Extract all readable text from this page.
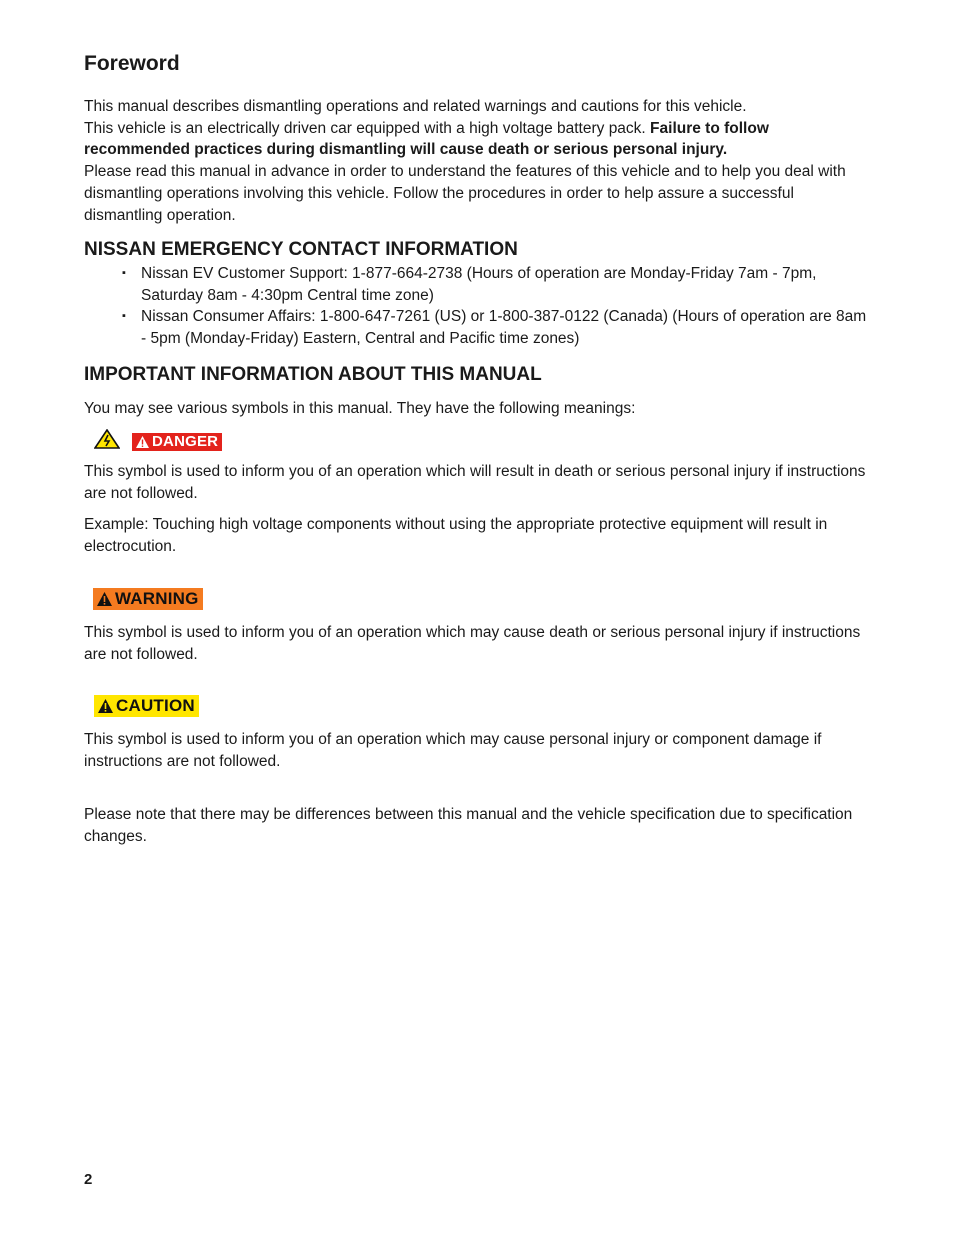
Foreword

This manual describes dismantling operations and related warnings and cautions for this vehicle.

This vehicle is an electrically driven car equipped with a high voltage battery pack. Failure to follow recommended practices during dismantling will cause death or serious personal injury.

Please read this manual in advance in order to understand the features of this vehicle and to help you deal with dismantling operations involving this vehicle. Follow the procedures in order to help assure a successful dismantling operation.

NISSAN EMERGENCY CONTACT INFORMATION
▪ Nissan EV Customer Support: 1-877-664-2738 (Hours of operation are Monday-Friday 7am - 7pm, Saturday 8am - 4:30pm Central time zone)
▪ Nissan Consumer Affairs: 1-800-647-7261 (US) or 1-800-387-0122 (Canada) (Hours of operation are 8am - 5pm (Monday-Friday) Eastern, Central and Pacific time zones)
IMPORTANT INFORMATION ABOUT THIS MANUAL

You may see various symbols in this manual. They have the following meanings:

DANGER

This symbol is used to inform you of an operation which will result in death or serious personal injury if instructions are not followed.

Example: Touching high voltage components without using the appropriate protective equipment will result in electrocution.

WARNING

This symbol is used to inform you of an operation which may cause death or serious personal injury if instructions are not followed.

CAUTION

This symbol is used to inform you of an operation which may cause personal injury or component damage if instructions are not followed.

Please note that there may be differences between this manual and the vehicle specification due to specification changes.

2
